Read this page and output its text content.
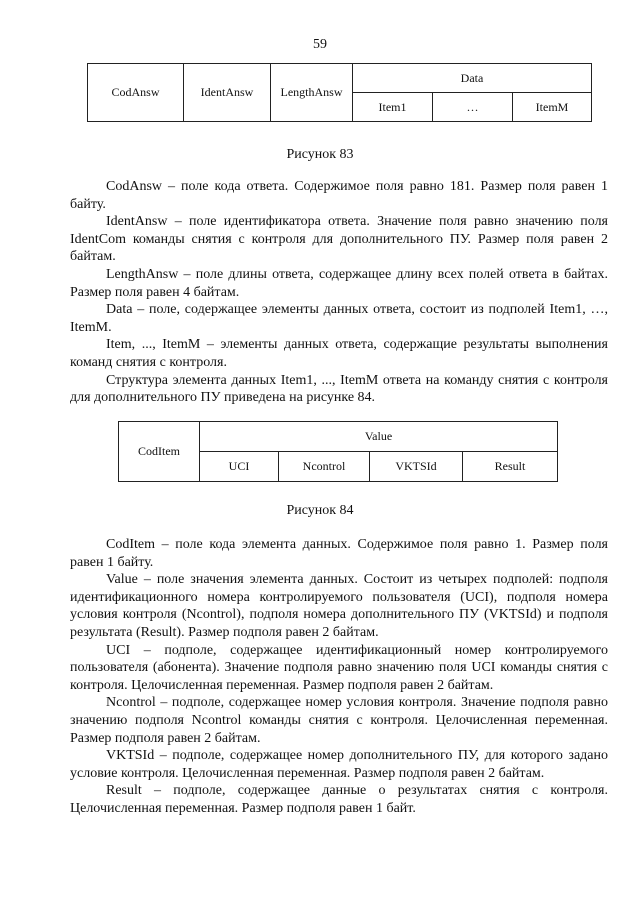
59
CodAnsw	IdentAnsw	LengthAnsw	Data		
			Item1	…	ItemM
Рисунок 83
CodAnsw – поле кода ответа. Содержимое поля равно 181. Размер поля равен 1 байту.
IdentAnsw – поле идентификатора ответа. Значение поля равно значению поля IdentCom команды снятия с контроля для дополнительного ПУ. Размер поля равен 2 байтам.
LengthAnsw – поле длины ответа, содержащее длину всех полей ответа в байтах. Размер поля равен 4 байтам.
Data – поле, содержащее элементы данных ответа, состоит из подполей Item1, …, ItemM.
Item, ..., ItemM – элементы данных ответа, содержащие результаты выполнения команд снятия с контроля.
Структура элемента данных Item1, ..., ItemM ответа на команду снятия с контроля для дополнительного ПУ приведена на рисунке 84.
CodItem	Value			
	UCI	Ncontrol	VKTSId	Result
Рисунок 84
CodItem – поле кода элемента данных. Содержимое поля равно 1. Размер поля равен 1 байту.
Value – поле значения элемента данных. Состоит из четырех подполей: подполя идентификационного номера контролируемого пользователя (UCI), подполя номера условия контроля (Ncontrol), подполя номера дополнительного ПУ (VKTSId) и подполя результата (Result). Размер подполя равен 2 байтам.
UCI – подполе, содержащее идентификационный номер контролируемого пользователя (абонента). Значение подполя равно значению поля UCI команды снятия с контроля. Целочисленная переменная. Размер подполя равен 2 байтам.
Ncontrol – подполе, содержащее номер условия контроля. Значение подполя равно значению подполя Ncontrol команды снятия с контроля. Целочисленная переменная. Размер подполя равен 2 байтам.
VKTSId – подполе, содержащее номер дополнительного ПУ, для которого задано условие контроля. Целочисленная переменная. Размер подполя равен 2 байтам.
Result – подполе, содержащее данные о результатах снятия с контроля. Целочисленная переменная. Размер подполя равен 1 байт.
